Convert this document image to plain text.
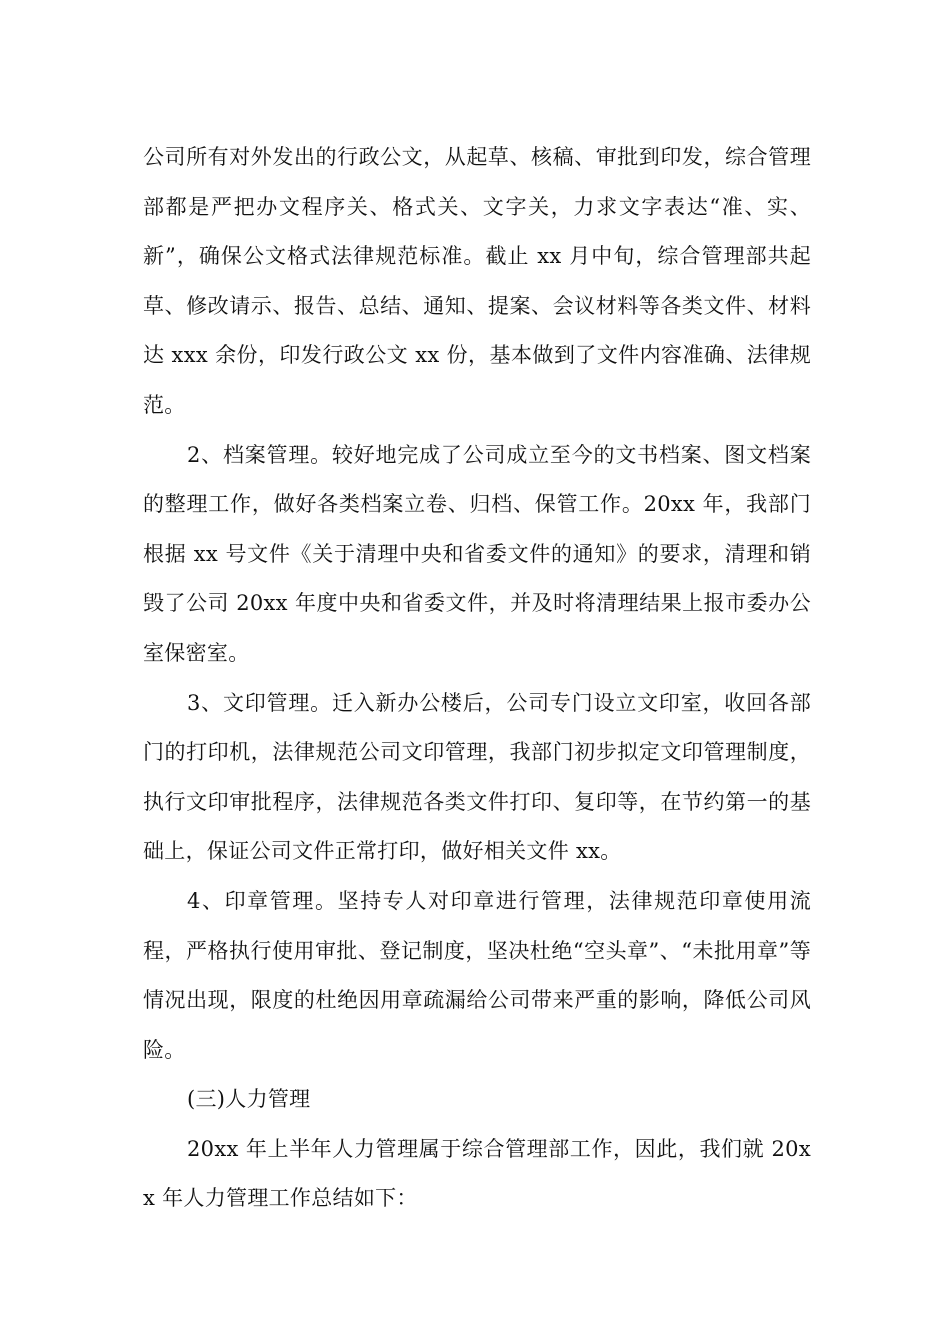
公司所有对外发出的行政公文，从起草、核稿、审批到印发，综合管理部都是严把办文程序关、格式关、文字关，力求文字表达“准、实、新”，确保公文格式法律规范标准。截止 xx 月中旬，综合管理部共起草、修改请示、报告、总结、通知、提案、会议材料等各类文件、材料达 xxx 余份，印发行政公文 xx 份，基本做到了文件内容准确、法律规范。

2、档案管理。较好地完成了公司成立至今的文书档案、图文档案的整理工作，做好各类档案立卷、归档、保管工作。20xx 年，我部门根据 xx 号文件《关于清理中央和省委文件的通知》的要求，清理和销毁了公司 20xx 年度中央和省委文件，并及时将清理结果上报市委办公室保密室。

3、文印管理。迁入新办公楼后，公司专门设立文印室，收回各部门的打印机，法律规范公司文印管理，我部门初步拟定文印管理制度，执行文印审批程序，法律规范各类文件打印、复印等，在节约第一的基础上，保证公司文件正常打印，做好相关文件 xx。

4、印章管理。坚持专人对印章进行管理，法律规范印章使用流程，严格执行使用审批、登记制度，坚决杜绝“空头章”、“未批用章”等情况出现，限度的杜绝因用章疏漏给公司带来严重的影响，降低公司风险。

(三)人力管理

20xx 年上半年人力管理属于综合管理部工作，因此，我们就 20xx 年人力管理工作总结如下：
